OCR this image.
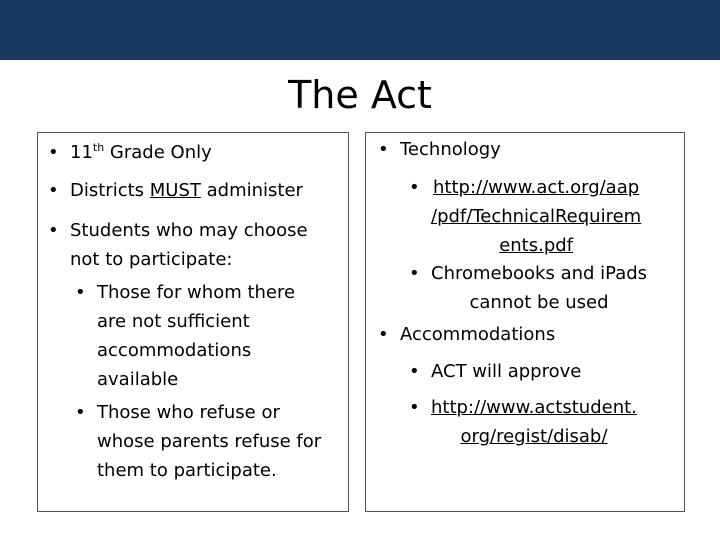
The Act
• 11th Grade Only
• Districts MUST administer
• Students who may choose
not to participate:
• Those for whom there
are not sufficient
accommodations
available
• Those who refuse or
whose parents refuse for
them to participate.
• Technology
• http://www.act.org/aap
/pdf/TechnicalRequirem
ents.pdf
• Chromebooks and iPads
cannot be used
• Accommodations
• ACT will approve
• http://www.actstudent.
org/regist/disab/
